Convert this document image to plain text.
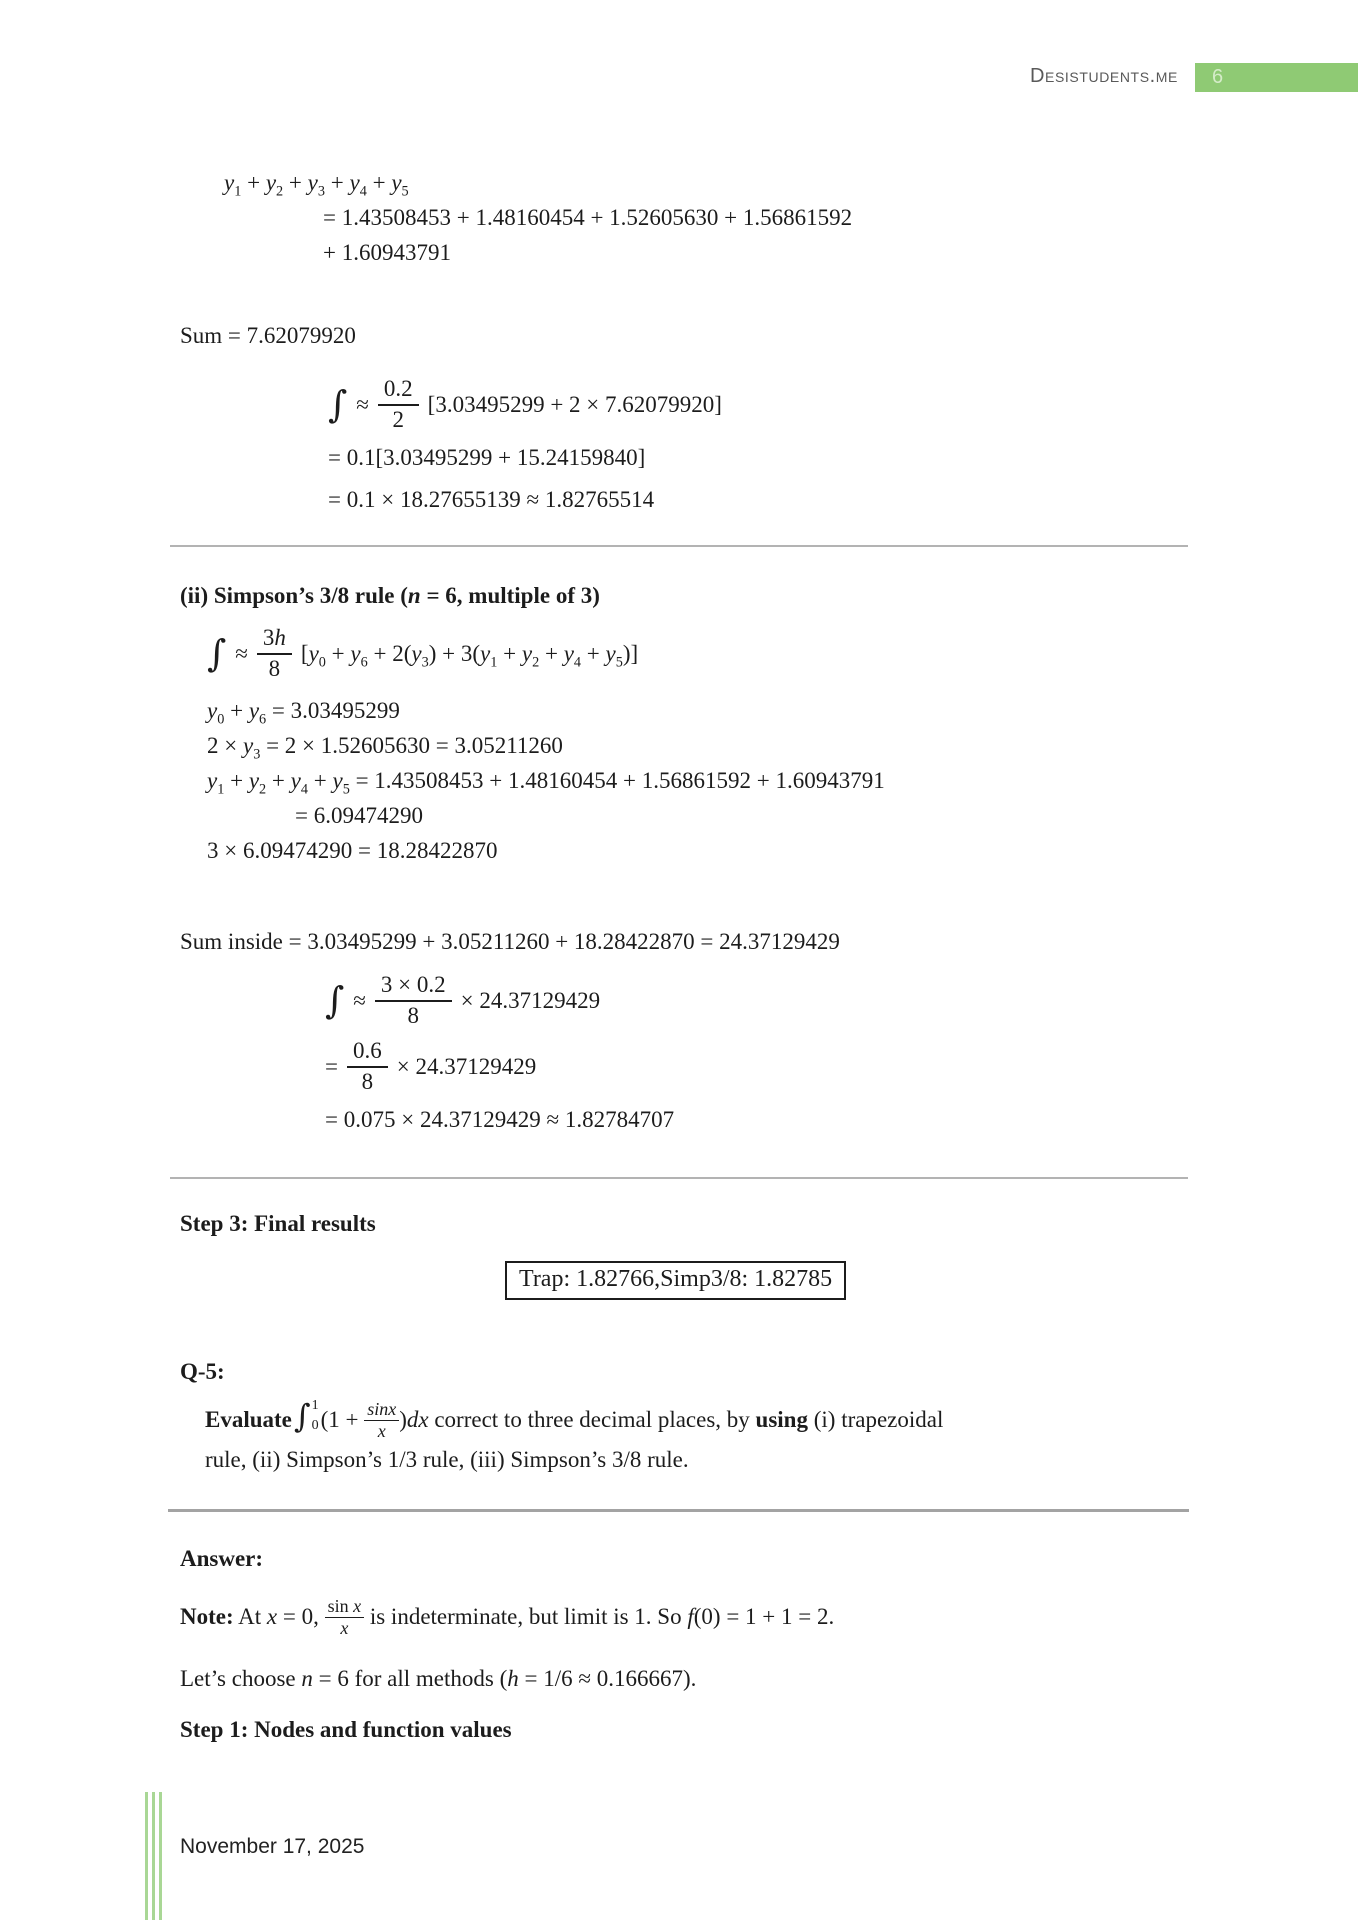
Desistudents.me 6
$y_1 + y_2 + y_3 + y_4 + y_5$
= 1.43508453 + 1.48160454 + 1.52605630 + 1.56861592
+ 1.60943791
Sum = 7.62079920
∫ ≈ $\frac{0.2}{2} [3.03495299 + 2 \times 7.62079920]$
= 0.1[3.03495299 + 15.24159840]
= 0.1 × 18.27655139 ≈ 1.82765514
(ii) Simpson’s 3/8 rule (n = 6, multiple of 3)
∫ ≈ $\frac{3h}{8} [y_0 + y_6 + 2(y_3) + 3(y_1 + y_2 + y_4 + y_5)]$
$y_0 + y_6 = 3.03495299$
$2 \times y_3 = 2 \times 1.52605630 = 3.05211260$
$y_1 + y_2 + y_4 + y_5 = 1.43508453 + 1.48160454 + 1.56861592 + 1.60943791$
= 6.09474290
3 × 6.09474290 = 18.28422870
Sum inside = 3.03495299 + 3.05211260 + 18.28422870 = 24.37129429
∫ ≈ $\frac{3 \times 0.2}{8} \times 24.37129429$
= $\frac{0.6}{8} \times 24.37129429$
= 0.075 × 24.37129429 ≈ 1.82784707
Step 3: Final results
Trap: 1.82766,Simp3/8: 1.82785
Q-5:
Evaluate ∫ 1
0 $(1 + \frac{\sin x}{x} )dx$ correct to three decimal places, by using (i) trapezoidal
rule, (ii) Simpson’s 1/3 rule, (iii) Simpson’s 3/8 rule.
Answer:
Note: At x = 0, $\frac{\text{sin x}}{x}$ is indeterminate, but limit is 1. So f(0) = 1 + 1 = 2.
Let’s choose n = 6 for all methods (h = 1/6 ≈ 0.166667).
Step 1: Nodes and function values
November 17, 2025
